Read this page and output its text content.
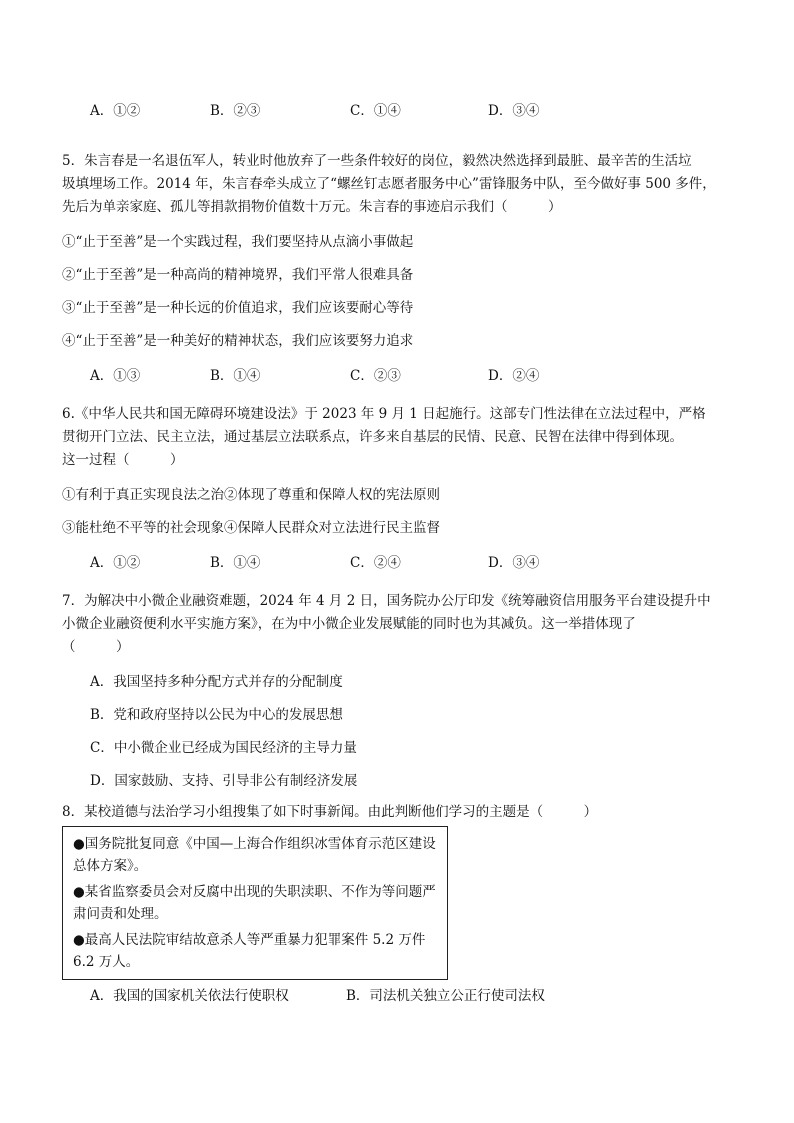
A．①②	B．②③	C．①④	D．③④
5．朱言春是一名退伍军人，转业时他放弃了一些条件较好的岗位，毅然决然选择到最脏、最辛苦的生活垃
圾填埋场工作。2014 年，朱言春牵头成立了“螺丝钉志愿者服务中心”雷锋服务中队，至今做好事 500 多件，
先后为单亲家庭、孤儿等捐款捐物价值数十万元。朱言春的事迹启示我们（　　　）
①“止于至善”是一个实践过程，我们要坚持从点滴小事做起
②“止于至善”是一种高尚的精神境界，我们平常人很难具备
③“止于至善”是一种长远的价值追求，我们应该要耐心等待
④“止于至善”是一种美好的精神状态，我们应该要努力追求
A．①③	B．①④	C．②③	D．②④
6.《中华人民共和国无障碍环境建设法》于 2023 年 9 月 1 日起施行。这部专门性法律在立法过程中，严格
贯彻开门立法、民主立法，通过基层立法联系点，许多来自基层的民情、民意、民智在法律中得到体现。
这一过程（　　　）
①有利于真正实现良法之治②体现了尊重和保障人权的宪法原则
③能杜绝不平等的社会现象④保障人民群众对立法进行民主监督
A．①②	B．①④	C．②④	D．③④
7．为解决中小微企业融资难题，2024 年 4 月 2 日，国务院办公厅印发《统筹融资信用服务平台建设提升中
小微企业融资便利水平实施方案》，在为中小微企业发展赋能的同时也为其减负。这一举措体现了
（　　　）
A．我国坚持多种分配方式并存的分配制度
B．党和政府坚持以公民为中心的发展思想
C．中小微企业已经成为国民经济的主导力量
D．国家鼓励、支持、引导非公有制经济发展
8．某校道德与法治学习小组搜集了如下时事新闻。由此判断他们学习的主题是（　　　）
●国务院批复同意《中国—上海合作组织冰雪体育示范区建设总体方案》。
●某省监察委员会对反腐中出现的失职渎职、不作为等问题严肃问责和处理。
●最高人民法院审结故意杀人等严重暴力犯罪案件 5.2 万件 6.2 万人。
A．我国的国家机关依法行使职权	B．司法机关独立公正行使司法权
